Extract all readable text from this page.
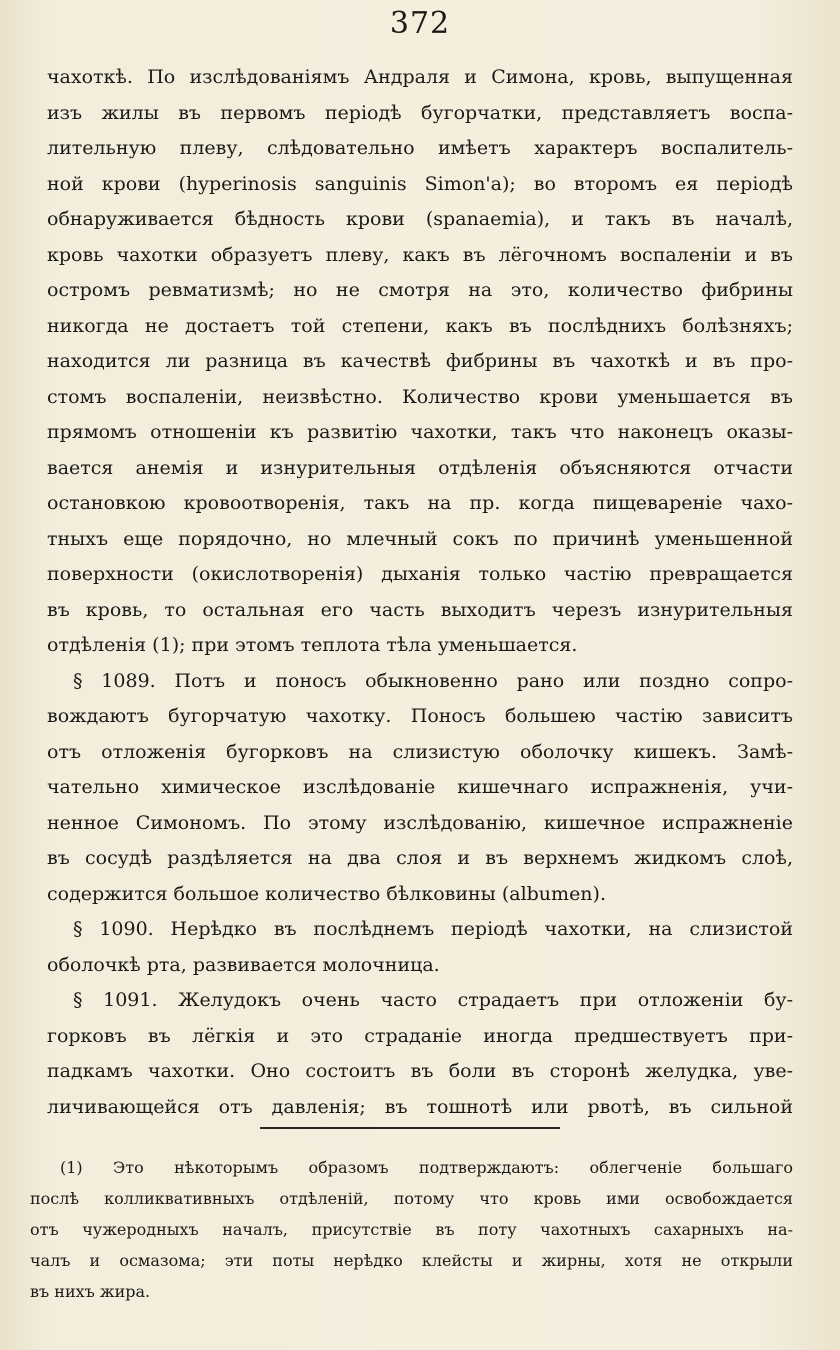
372
чахоткѣ. По изслѣдованіямъ Андраля и Симона, кровь, выпущенная
изъ жилы въ первомъ періодѣ бугорчатки, представляетъ воспа-
лительную плеву, слѣдовательно имѣетъ характеръ воспалитель-
ной крови (hyperinosis sanguinis Simon'a); во второмъ ея періодѣ
обнаруживается бѣдность крови (spanaemia), и такъ въ началѣ,
кровь чахотки образуетъ плеву, какъ въ лёгочномъ воспаленіи и въ
остромъ ревматизмѣ; но не смотря на это, количество фибрины
никогда не достаетъ той степени, какъ въ послѣднихъ болѣзняхъ;
находится ли разница въ качествѣ фибрины въ чахоткѣ и въ про-
стомъ воспаленіи, неизвѣстно. Количество крови уменьшается въ
прямомъ отношеніи къ развитію чахотки, такъ что наконецъ оказы-
вается анемія и изнурительныя отдѣленія объясняются отчасти
остановкою кровоотворенія, такъ на пр. когда пищевареніе чахо-
тныхъ еще порядочно, но млечный сокъ по причинѣ уменьшенной
поверхности (окислотворенія) дыханія только частію превращается
въ кровь, то остальная его часть выходитъ черезъ изнурительныя
отдѣленія (1); при этомъ теплота тѣла уменьшается.
§ 1089. Потъ и поносъ обыкновенно рано или поздно сопро-
вождаютъ бугорчатую чахотку. Поносъ большею частію зависитъ
отъ отложенія бугорковъ на слизистую оболочку кишекъ. Замѣ-
чательно химическое изслѣдованіе кишечнаго испражненія, учи-
ненное Симономъ. По этому изслѣдованію, кишечное испражненіе
въ сосудѣ раздѣляется на два слоя и въ верхнемъ жидкомъ слоѣ,
содержится большое количество бѣлковины (albumen).
§ 1090. Нерѣдко въ послѣднемъ періодѣ чахотки, на слизистой
оболочкѣ рта, развивается молочница.
§ 1091. Желудокъ очень часто страдаетъ при отложеніи бу-
горковъ въ лёгкія и это страданіе иногда предшествуетъ при-
падкамъ чахотки. Оно состоитъ въ боли въ сторонѣ желудка, уве-
личивающейся отъ давленія; въ тошнотѣ или рвотѣ, въ сильной
(1) Это нѣкоторымъ образомъ подтверждаютъ: облегченіе большаго
послѣ колликвативныхъ отдѣленій, потому что кровь ими освобождается
отъ чужеродныхъ началъ, присутствіе въ поту чахотныхъ сахарныхъ на-
чалъ и осмазома; эти поты нерѣдко клейсты и жирны, хотя не открыли
въ нихъ жира.
